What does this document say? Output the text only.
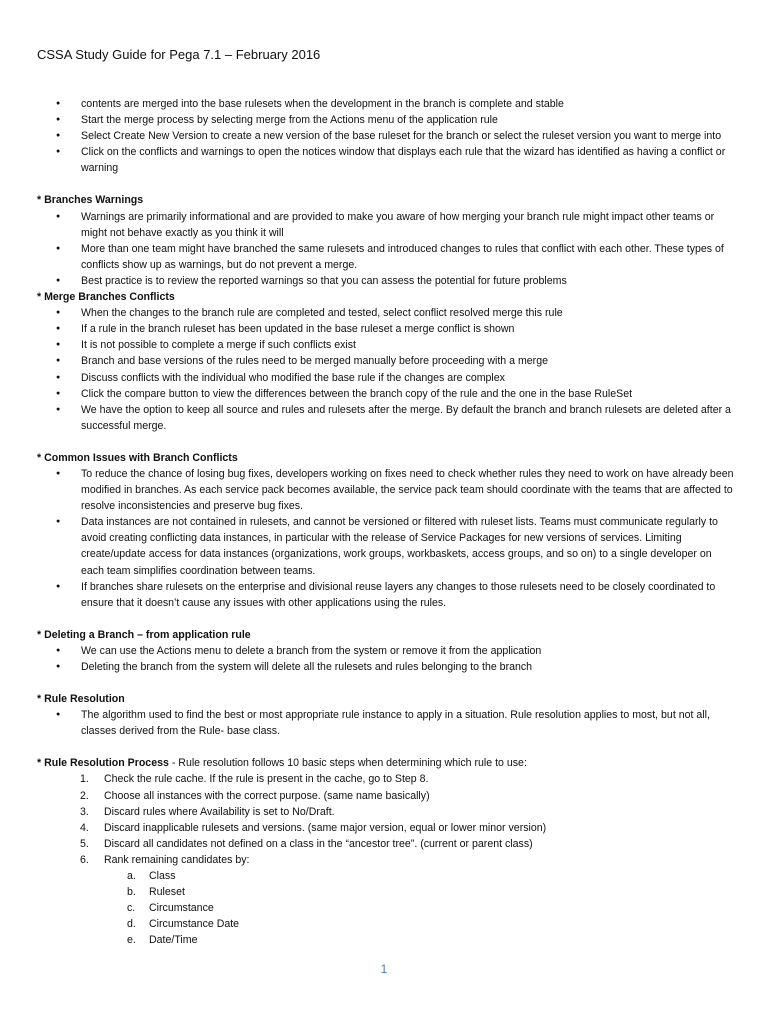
CSSA Study Guide for Pega 7.1 – February 2016
● contents are merged into the base rulesets when the development in the branch is complete and stable
● Start the merge process by selecting merge from the Actions menu of the application rule
● Select Create New Version to create a new version of the base ruleset for the branch or select the ruleset version you want to merge into
● Click on the conflicts and warnings to open the notices window that displays each rule that the wizard has identified as having a conflict or warning
* Branches Warnings
● Warnings are primarily informational and are provided to make you aware of how merging your branch rule might impact other teams or might not behave exactly as you think it will
● More than one team might have branched the same rulesets and introduced changes to rules that conflict with each other. These types of conflicts show up as warnings, but do not prevent a merge.
● Best practice is to review the reported warnings so that you can assess the potential for future problems
* Merge Branches Conflicts
● When the changes to the branch rule are completed and tested, select conflict resolved merge this rule
● If a rule in the branch ruleset has been updated in the base ruleset a merge conflict is shown
● It is not possible to complete a merge if such conflicts exist
● Branch and base versions of the rules need to be merged manually before proceeding with a merge
● Discuss conflicts with the individual who modified the base rule if the changes are complex
● Click the compare button to view the differences between the branch copy of the rule and the one in the base RuleSet
● We have the option to keep all source and rules and rulesets after the merge. By default the branch and branch rulesets are deleted after a successful merge.
* Common Issues with Branch Conflicts
● To reduce the chance of losing bug fixes, developers working on fixes need to check whether rules they need to work on have already been modified in branches. As each service pack becomes available, the service pack team should coordinate with the teams that are affected to resolve inconsistencies and preserve bug fixes.
● Data instances are not contained in rulesets, and cannot be versioned or filtered with ruleset lists. Teams must communicate regularly to avoid creating conflicting data instances, in particular with the release of Service Packages for new versions of services. Limiting create/update access for data instances (organizations, work groups, workbaskets, access groups, and so on) to a single developer on each team simplifies coordination between teams.
● If branches share rulesets on the enterprise and divisional reuse layers any changes to those rulesets need to be closely coordinated to ensure that it doesn’t cause any issues with other applications using the rules.
* Deleting a Branch – from application rule
● We can use the Actions menu to delete a branch from the system or remove it from the application
● Deleting the branch from the system will delete all the rulesets and rules belonging to the branch
* Rule Resolution
● The algorithm used to find the best or most appropriate rule instance to apply in a situation. Rule resolution applies to most, but not all, classes derived from the Rule- base class.
* Rule Resolution Process - Rule resolution follows 10 basic steps when determining which rule to use:
1. Check the rule cache. If the rule is present in the cache, go to Step 8.
2. Choose all instances with the correct purpose. (same name basically)
3. Discard rules where Availability is set to No/Draft.
4. Discard inapplicable rulesets and versions. (same major version, equal or lower minor version)
5. Discard all candidates not defined on a class in the “ancestor tree”. (current or parent class)
6. Rank remaining candidates by:
a. Class
b. Ruleset
c. Circumstance
d. Circumstance Date
e. Date/Time
1
